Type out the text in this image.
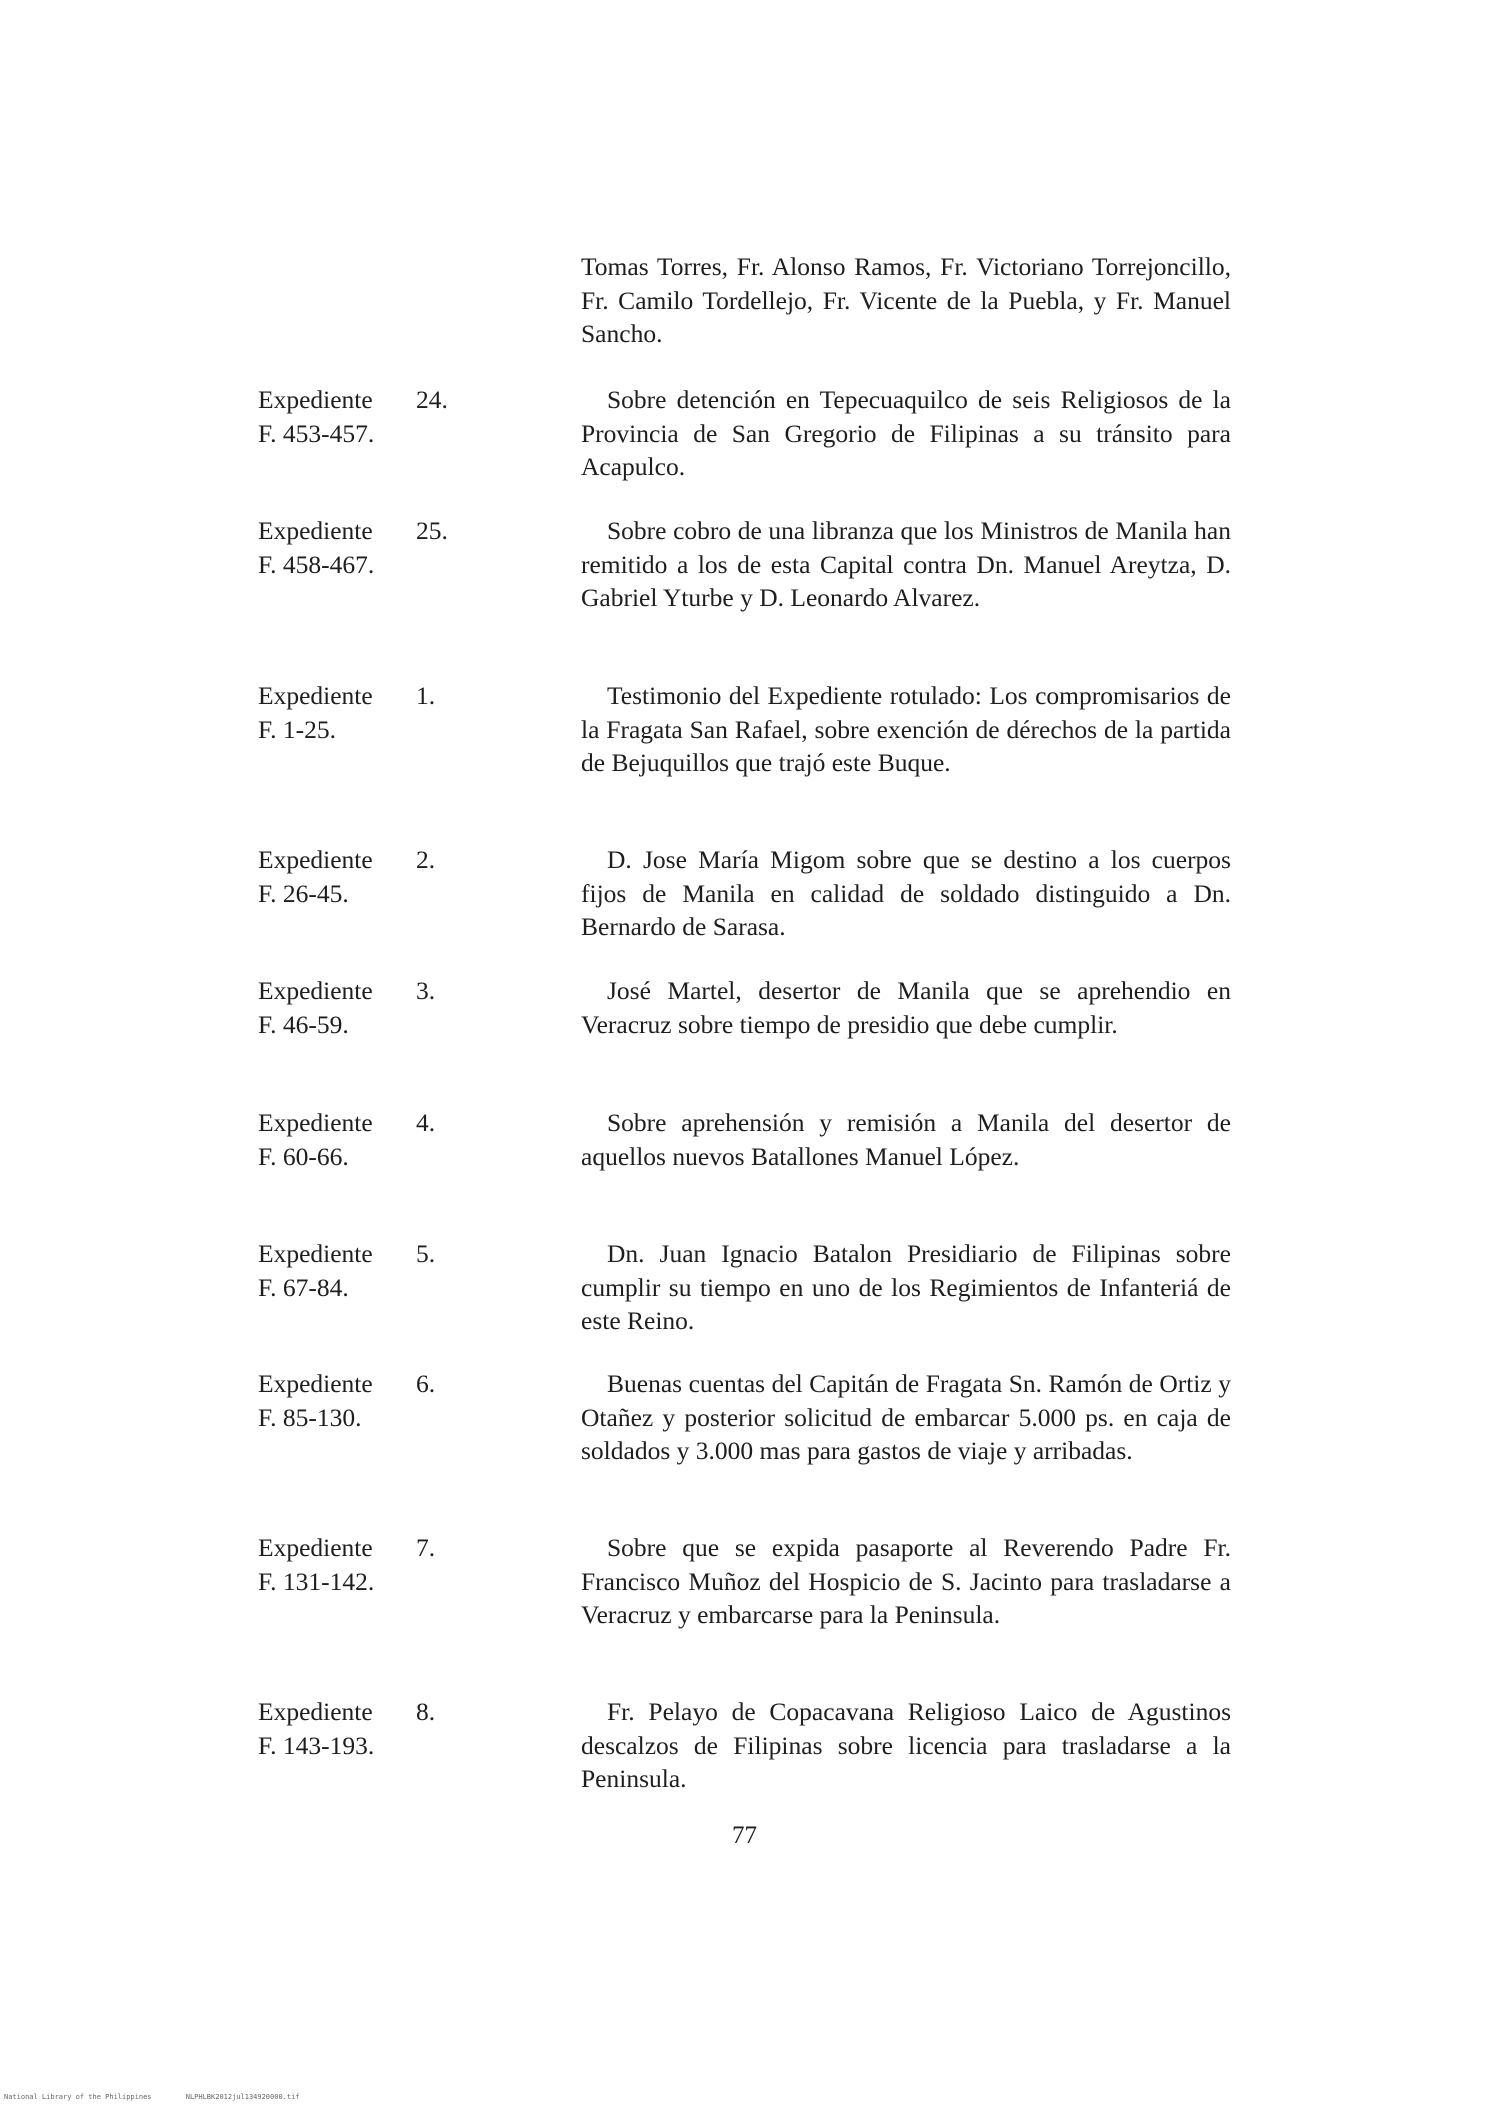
Tomas Torres, Fr. Alonso Ramos, Fr. Victoriano Torrejoncillo, Fr. Camilo Tordellejo, Fr. Vicente de la Puebla, y Fr. Manuel Sancho.

Expediente 24.
F. 453-457.

Sobre detención en Tepecuaquilco de seis Religiosos de la Provincia de San Gregorio de Filipinas a su tránsito para Acapulco.

Expediente 25.
F. 458-467.

Sobre cobro de una libranza que los Ministros de Manila han remitido a los de esta Capital contra Dn. Manuel Areytza, D. Gabriel Yturbe y D. Leonardo Alvarez.

Expediente 1.
F. 1-25.

Testimonio del Expediente rotulado: Los compromisarios de la Fragata San Rafael, sobre exención de dérechos de la partida de Bejuquillos que trajó este Buque.

Expediente 2.
F. 26-45.

D. Jose María Migom sobre que se destino a los cuerpos fijos de Manila en calidad de soldado distinguido a Dn. Bernardo de Sarasa.

Expediente 3.
F. 46-59.

José Martel, desertor de Manila que se aprehendio en Veracruz sobre tiempo de presidio que debe cumplir.

Expediente 4.
F. 60-66.

Sobre aprehensión y remisión a Manila del desertor de aquellos nuevos Batallones Manuel López.

Expediente 5.
F. 67-84.

Dn. Juan Ignacio Batalon Presidiario de Filipinas sobre cumplir su tiempo en uno de los Regimientos de Infanteriá de este Reino.

Expediente 6.
F. 85-130.

Buenas cuentas del Capitán de Fragata Sn. Ramón de Ortiz y Otañez y posterior solicitud de embarcar 5.000 ps. en caja de soldados y 3.000 mas para gastos de viaje y arribadas.

Expediente 7.
F. 131-142.

Sobre que se expida pasaporte al Reverendo Padre Fr. Francisco Muñoz del Hospicio de S. Jacinto para trasladarse a Veracruz y embarcarse para la Peninsula.

Expediente 8.
F. 143-193.

Fr. Pelayo de Copacavana Religioso Laico de Agustinos descalzos de Filipinas sobre licencia para trasladarse a la Peninsula.

77
National Library of the Philippines	NLPHLBK2012jul134920000.tif
